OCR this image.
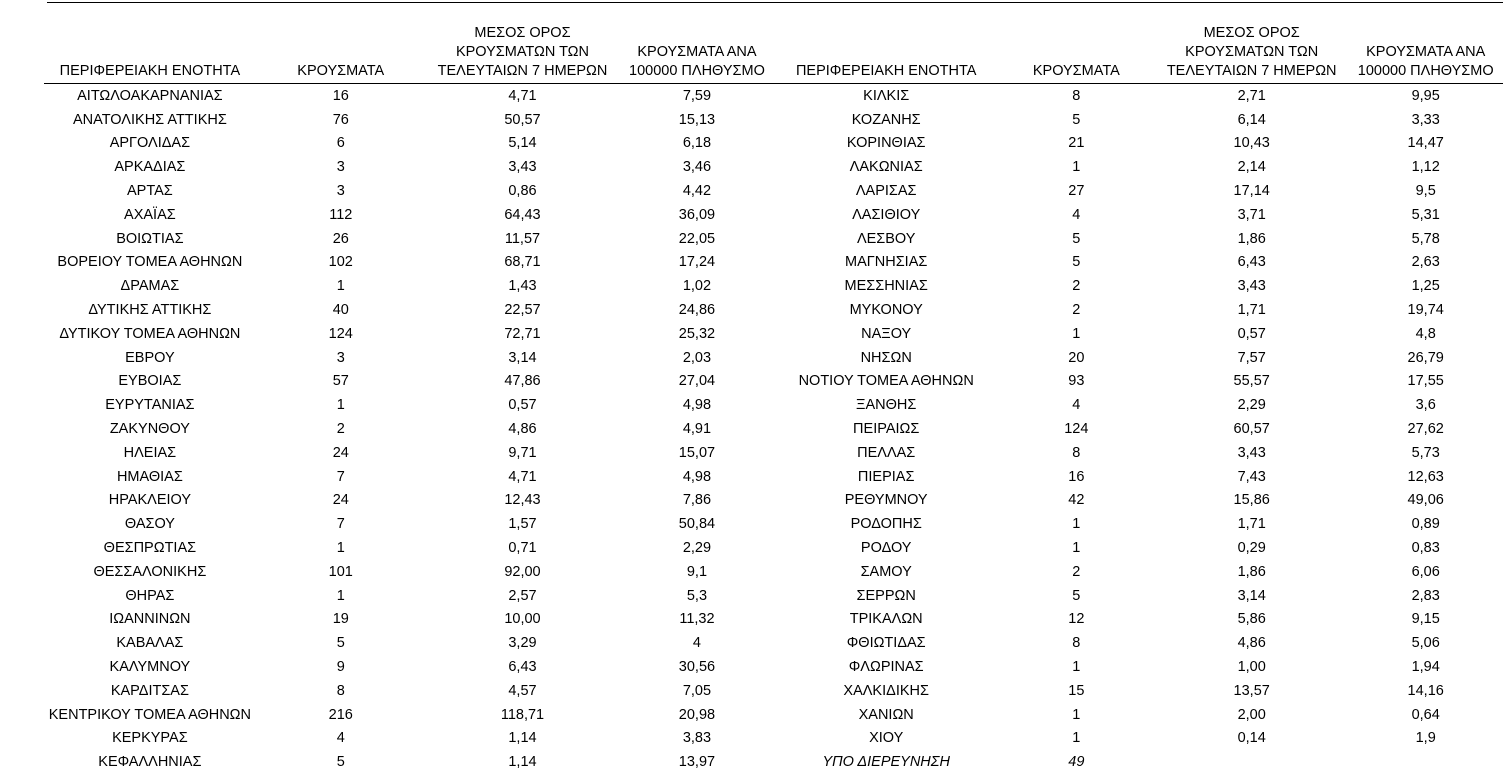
ΠΕΡΙΦΕΡΕΙΑΚΗ ΕΝΟΤΗΤΑ	ΚΡΟΥΣΜΑΤΑ	ΜΕΣΟΣ ΟΡΟΣ
ΚΡΟΥΣΜΑΤΩΝ ΤΩΝ
ΤΕΛΕΥΤΑΙΩΝ 7 ΗΜΕΡΩΝ	ΚΡΟΥΣΜΑΤΑ ΑΝΑ
100000 ΠΛΗΘΥΣΜΟ	ΠΕΡΙΦΕΡΕΙΑΚΗ ΕΝΟΤΗΤΑ	ΚΡΟΥΣΜΑΤΑ	ΜΕΣΟΣ ΟΡΟΣ
ΚΡΟΥΣΜΑΤΩΝ ΤΩΝ
ΤΕΛΕΥΤΑΙΩΝ 7 ΗΜΕΡΩΝ	ΚΡΟΥΣΜΑΤΑ ΑΝΑ
100000 ΠΛΗΘΥΣΜΟ
ΑΙΤΩΛΟΑΚΑΡΝΑΝΙΑΣ	16	4,71	7,59	ΚΙΛΚΙΣ	8	2,71	9,95
ΑΝΑΤΟΛΙΚΗΣ ΑΤΤΙΚΗΣ	76	50,57	15,13	ΚΟΖΑΝΗΣ	5	6,14	3,33
ΑΡΓΟΛΙΔΑΣ	6	5,14	6,18	ΚΟΡΙΝΘΙΑΣ	21	10,43	14,47
ΑΡΚΑΔΙΑΣ	3	3,43	3,46	ΛΑΚΩΝΙΑΣ	1	2,14	1,12
ΑΡΤΑΣ	3	0,86	4,42	ΛΑΡΙΣΑΣ	27	17,14	9,5
ΑΧΑΪΑΣ	112	64,43	36,09	ΛΑΣΙΘΙΟΥ	4	3,71	5,31
ΒΟΙΩΤΙΑΣ	26	11,57	22,05	ΛΕΣΒΟΥ	5	1,86	5,78
ΒΟΡΕΙΟΥ ΤΟΜΕΑ ΑΘΗΝΩΝ	102	68,71	17,24	ΜΑΓΝΗΣΙΑΣ	5	6,43	2,63
ΔΡΑΜΑΣ	1	1,43	1,02	ΜΕΣΣΗΝΙΑΣ	2	3,43	1,25
ΔΥΤΙΚΗΣ ΑΤΤΙΚΗΣ	40	22,57	24,86	ΜΥΚΟΝΟΥ	2	1,71	19,74
ΔΥΤΙΚΟΥ ΤΟΜΕΑ ΑΘΗΝΩΝ	124	72,71	25,32	ΝΑΞΟΥ	1	0,57	4,8
ΕΒΡΟΥ	3	3,14	2,03	ΝΗΣΩΝ	20	7,57	26,79
ΕΥΒΟΙΑΣ	57	47,86	27,04	ΝΟΤΙΟΥ ΤΟΜΕΑ ΑΘΗΝΩΝ	93	55,57	17,55
ΕΥΡΥΤΑΝΙΑΣ	1	0,57	4,98	ΞΑΝΘΗΣ	4	2,29	3,6
ΖΑΚΥΝΘΟΥ	2	4,86	4,91	ΠΕΙΡΑΙΩΣ	124	60,57	27,62
ΗΛΕΙΑΣ	24	9,71	15,07	ΠΕΛΛΑΣ	8	3,43	5,73
ΗΜΑΘΙΑΣ	7	4,71	4,98	ΠΙΕΡΙΑΣ	16	7,43	12,63
ΗΡΑΚΛΕΙΟΥ	24	12,43	7,86	ΡΕΘΥΜΝΟΥ	42	15,86	49,06
ΘΑΣΟΥ	7	1,57	50,84	ΡΟΔΟΠΗΣ	1	1,71	0,89
ΘΕΣΠΡΩΤΙΑΣ	1	0,71	2,29	ΡΟΔΟΥ	1	0,29	0,83
ΘΕΣΣΑΛΟΝΙΚΗΣ	101	92,00	9,1	ΣΑΜΟΥ	2	1,86	6,06
ΘΗΡΑΣ	1	2,57	5,3	ΣΕΡΡΩΝ	5	3,14	2,83
ΙΩΑΝΝΙΝΩΝ	19	10,00	11,32	ΤΡΙΚΑΛΩΝ	12	5,86	9,15
ΚΑΒΑΛΑΣ	5	3,29	4	ΦΘΙΩΤΙΔΑΣ	8	4,86	5,06
ΚΑΛΥΜΝΟΥ	9	6,43	30,56	ΦΛΩΡΙΝΑΣ	1	1,00	1,94
ΚΑΡΔΙΤΣΑΣ	8	4,57	7,05	ΧΑΛΚΙΔΙΚΗΣ	15	13,57	14,16
ΚΕΝΤΡΙΚΟΥ ΤΟΜΕΑ ΑΘΗΝΩΝ	216	118,71	20,98	ΧΑΝΙΩΝ	1	2,00	0,64
ΚΕΡΚΥΡΑΣ	4	1,14	3,83	ΧΙΟΥ	1	0,14	1,9
ΚΕΦΑΛΛΗΝΙΑΣ	5	1,14	13,97	ΥΠΟ ΔΙΕΡΕΥΝΗΣΗ	49		
